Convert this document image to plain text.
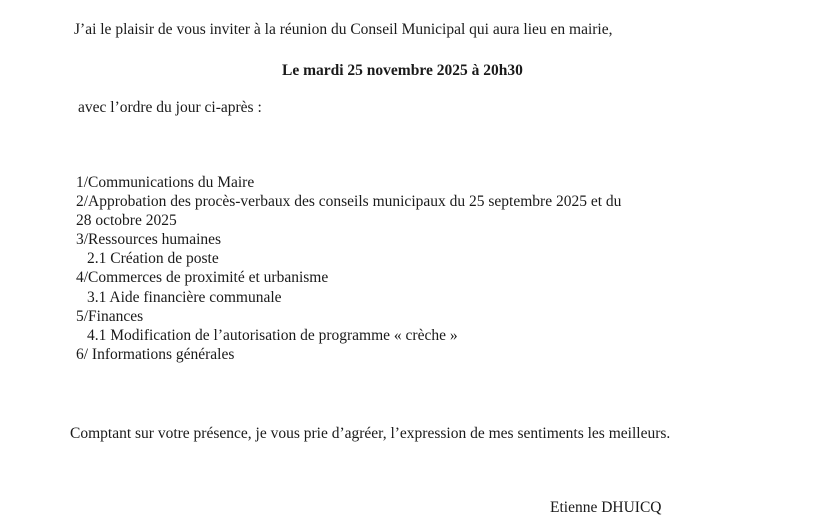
J’ai le plaisir de vous inviter à la réunion du Conseil Municipal qui aura lieu en mairie,
Le mardi 25 novembre 2025 à 20h30
avec l’ordre du jour ci-après :
1/Communications du Maire
2/Approbation des procès-verbaux des conseils municipaux du 25 septembre 2025 et du
28 octobre 2025
3/Ressources humaines
2.1 Création de poste
4/Commerces de proximité et urbanisme
3.1 Aide financière communale
5/Finances
4.1 Modification de l’autorisation de programme « crèche »
6/ Informations générales
Comptant sur votre présence, je vous prie d’agréer, l’expression de mes sentiments les meilleurs.
Etienne DHUICQ
